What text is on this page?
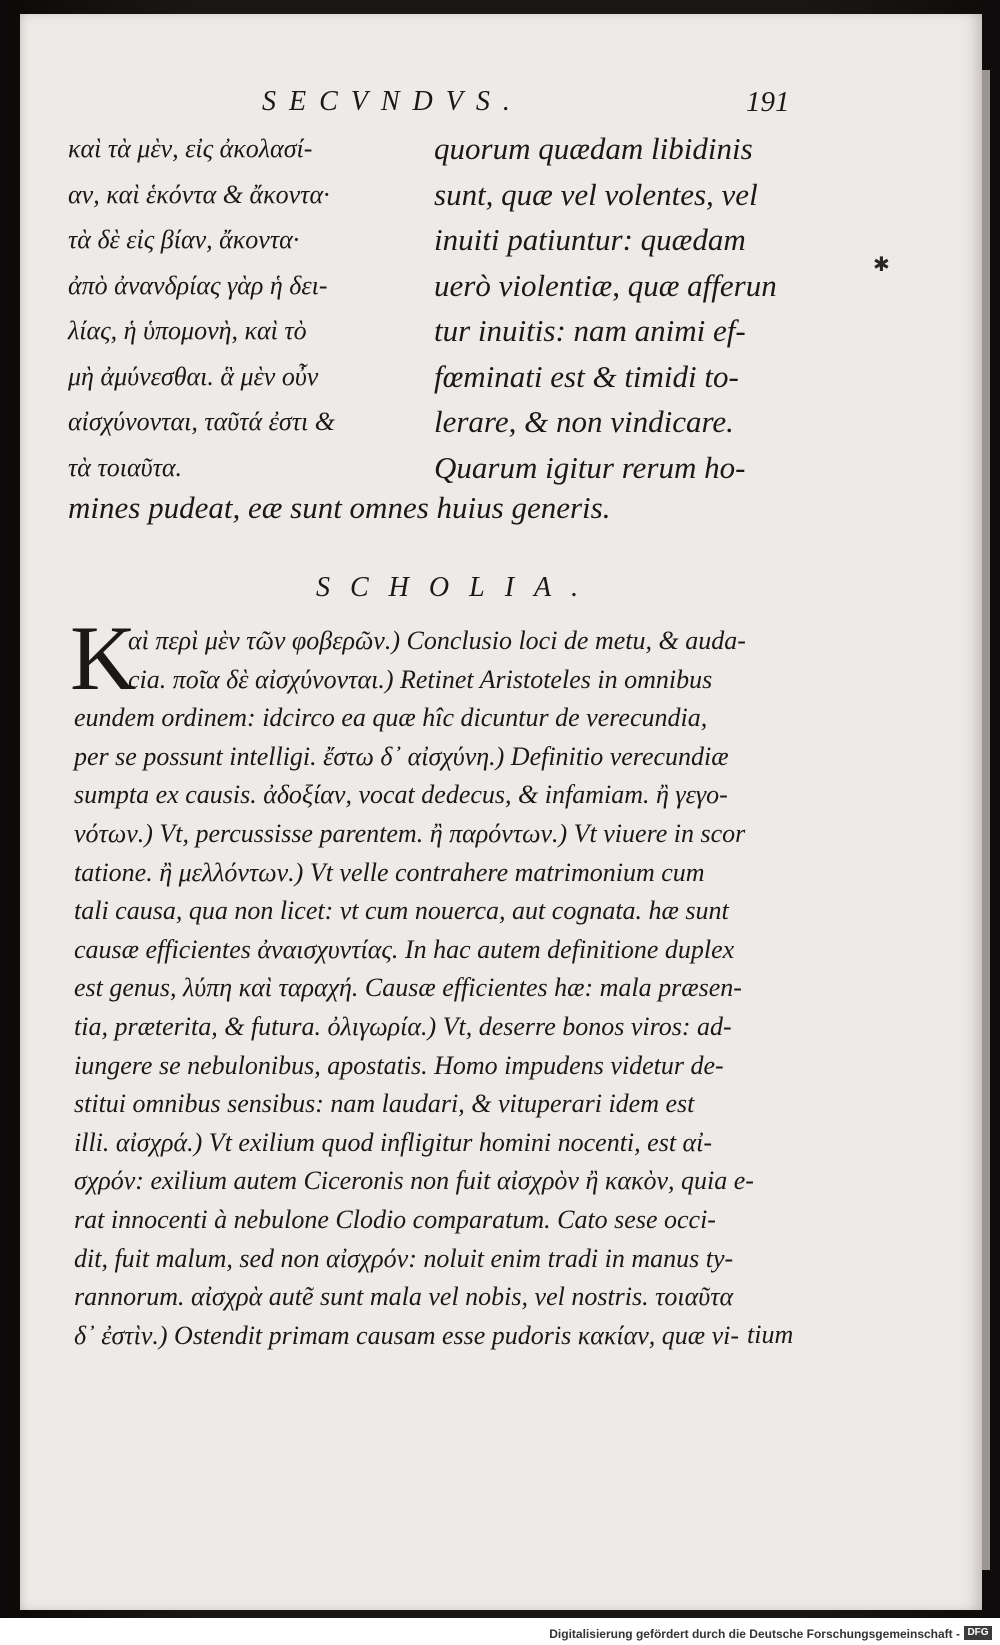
✱
SECVNDVS.	191
καὶ τὰ μὲν, εἰς ἀκολασί-
αν, καὶ ἑκόντα & ἄκοντα·
τὰ δὲ εἰς βίαν, ἄκοντα·
ἀπὸ ἀνανδρίας γὰρ ἡ δει-
λίας, ἡ ὑπομονὴ, καὶ τὸ
μὴ ἀμύνεσθαι. ἃ μὲν οὖν
αἰσχύνονται, ταῦτά ἐστι &
τὰ τοιαῦτα.
quorum quædam libidinis
sunt, quæ vel volentes, vel
inuiti patiuntur: quædam
uerò violentiæ, quæ afferun
tur inuitis: nam animi ef-
fœminati est & timidi to-
lerare, & non vindicare.
Quarum igitur rerum ho-
mines pudeat, eæ sunt omnes huius generis.
SCHOLIA.
K
αὶ περὶ μὲν τῶν φοβερῶν.) Conclusio loci de metu, & auda-
cia. ποῖα δὲ αἰσχύνονται.) Retinet Aristoteles in omnibus
eundem ordinem: idcirco ea quæ hîc dicuntur de verecundia,
per se possunt intelligi. ἔστω δ᾽ αἰσχύνη.) Definitio verecundiæ
sumpta ex causis. ἀδοξίαν, vocat dedecus, & infamiam. ἢ γεγο-
νότων.) Vt, percussisse parentem. ἢ παρόντων.) Vt viuere in scor
tatione. ἢ μελλόντων.) Vt velle contrahere matrimonium cum
tali causa, qua non licet: vt cum nouerca, aut cognata. hæ sunt
causæ efficientes ἀναισχυντίας. In hac autem definitione duplex
est genus, λύπη καὶ ταραχή. Causæ efficientes hæ: mala præsen-
tia, præterita, & futura. ὀλιγωρία.) Vt, deserre bonos viros: ad-
iungere se nebulonibus, apostatis. Homo impudens videtur de-
stitui omnibus sensibus: nam laudari, & vituperari idem est
illi. αἰσχρά.) Vt exilium quod infligitur homini nocenti, est αἰ-
σχρόν: exilium autem Ciceronis non fuit αἰσχρὸν ἢ κακὸν, quia e-
rat innocenti à nebulone Clodio comparatum. Cato sese occi-
dit, fuit malum, sed non αἰσχρόν: noluit enim tradi in manus ty-
rannorum. αἰσχρὰ autẽ sunt mala vel nobis, vel nostris. τοιαῦτα
δ᾽ ἐστὶν.) Ostendit primam causam esse pudoris κακίαν, quæ vi- tium
Digitalisierung gefördert durch die Deutsche Forschungsgemeinschaft - DFG
